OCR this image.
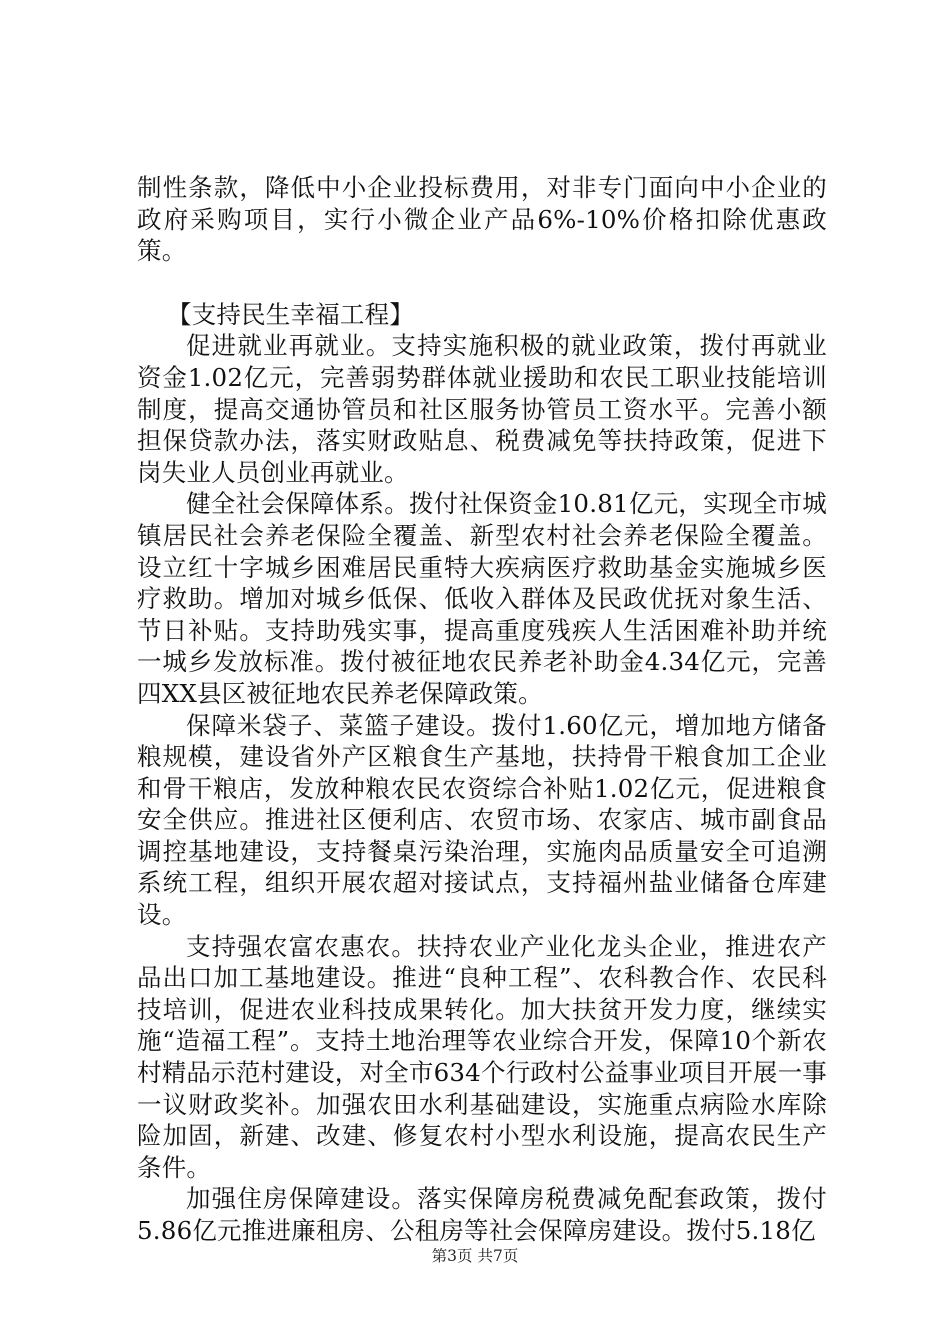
制性条款，降低中小企业投标费用，对非专门面向中小企业的政府采购项目，实行小微企业产品6%-10%价格扣除优惠政策。

【支持民生幸福工程】

促进就业再就业。支持实施积极的就业政策，拨付再就业资金1.02亿元，完善弱势群体就业援助和农民工职业技能培训制度，提高交通协管员和社区服务协管员工资水平。完善小额担保贷款办法，落实财政贴息、税费减免等扶持政策，促进下岗失业人员创业再就业。

健全社会保障体系。拨付社保资金10.81亿元，实现全市城镇居民社会养老保险全覆盖、新型农村社会养老保险全覆盖。设立红十字城乡困难居民重特大疾病医疗救助基金实施城乡医疗救助。增加对城乡低保、低收入群体及民政优抚对象生活、节日补贴。支持助残实事，提高重度残疾人生活困难补助并统一城乡发放标准。拨付被征地农民养老补助金4.34亿元，完善四XX县区被征地农民养老保障政策。

保障米袋子、菜篮子建设。拨付1.60亿元，增加地方储备粮规模，建设省外产区粮食生产基地，扶持骨干粮食加工企业和骨干粮店，发放种粮农民农资综合补贴1.02亿元，促进粮食安全供应。推进社区便利店、农贸市场、农家店、城市副食品调控基地建设，支持餐桌污染治理，实施肉品质量安全可追溯系统工程，组织开展农超对接试点，支持福州盐业储备仓库建设。

支持强农富农惠农。扶持农业产业化龙头企业，推进农产品出口加工基地建设。推进“良种工程”、农科教合作、农民科技培训，促进农业科技成果转化。加大扶贫开发力度，继续实施“造福工程”。支持土地治理等农业综合开发，保障10个新农村精品示范村建设，对全市634个行政村公益事业项目开展一事一议财政奖补。加强农田水利基础建设，实施重点病险水库除险加固，新建、改建、修复农村小型水利设施，提高农民生产条件。

加强住房保障建设。落实保障房税费减免配套政策，拨付5.86亿元推进廉租房、公租房等社会保障房建设。拨付5.18亿

第3页 共7页
